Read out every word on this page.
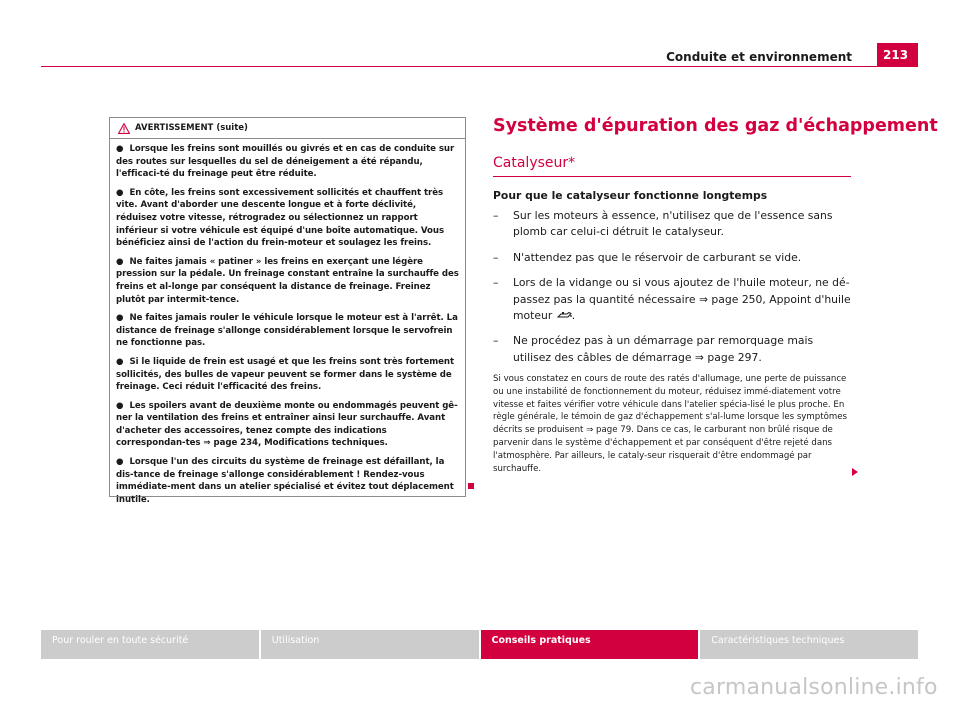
Conduite et environnement	213
AVERTISSEMENT (suite)

● Lorsque les freins sont mouillés ou givrés et en cas de conduite sur des routes sur lesquelles du sel de déneigement a été répandu, l'efficaci-té du freinage peut être réduite.

● En côte, les freins sont excessivement sollicités et chauffent très vite. Avant d'aborder une descente longue et à forte déclivité, réduisez votre vitesse, rétrogradez ou sélectionnez un rapport inférieur si votre véhicule est équipé d'une boîte automatique. Vous bénéficiez ainsi de l'action du frein-moteur et soulagez les freins.

● Ne faites jamais « patiner » les freins en exerçant une légère pression sur la pédale. Un freinage constant entraîne la surchauffe des freins et al-longe par conséquent la distance de freinage. Freinez plutôt par intermit-tence.

● Ne faites jamais rouler le véhicule lorsque le moteur est à l'arrêt. La distance de freinage s'allonge considérablement lorsque le servofrein ne fonctionne pas.

● Si le liquide de frein est usagé et que les freins sont très fortement sollicités, des bulles de vapeur peuvent se former dans le système de freinage. Ceci réduit l'efficacité des freins.

● Les spoilers avant de deuxième monte ou endommagés peuvent gê-ner la ventilation des freins et entraîner ainsi leur surchauffe. Avant d'acheter des accessoires, tenez compte des indications correspondan-tes ⇒ page 234, Modifications techniques.

● Lorsque l'un des circuits du système de freinage est défaillant, la dis-tance de freinage s'allonge considérablement ! Rendez-vous immédiate-ment dans un atelier spécialisé et évitez tout déplacement inutile.

Système d'épuration des gaz d'échappement
Catalyseur*
Pour que le catalyseur fonctionne longtemps
–	Sur les moteurs à essence, n'utilisez que de l'essence sans plomb car celui-ci détruit le catalyseur.
–	N'attendez pas que le réservoir de carburant se vide.
–	Lors de la vidange ou si vous ajoutez de l'huile moteur, ne dé-passez pas la quantité nécessaire ⇒ page 250, Appoint d'huile moteur .
–	Ne procédez pas à un démarrage par remorquage mais utilisez des câbles de démarrage ⇒ page 297.
Si vous constatez en cours de route des ratés d'allumage, une perte de puissance ou une instabilité de fonctionnement du moteur, réduisez immé-diatement votre vitesse et faites vérifier votre véhicule dans l'atelier spécia-lisé le plus proche. En règle générale, le témoin de gaz d'échappement s'al-lume lorsque les symptômes décrits se produisent ⇒ page 79. Dans ce cas, le carburant non brûlé risque de parvenir dans le système d'échappement et par conséquent d'être rejeté dans l'atmosphère. Par ailleurs, le cataly-seur risquerait d'être endommagé par surchauffe.
Pour rouler en toute sécurité	Utilisation	Conseils pratiques	Caractéristiques techniques
carmanualsonline.info
